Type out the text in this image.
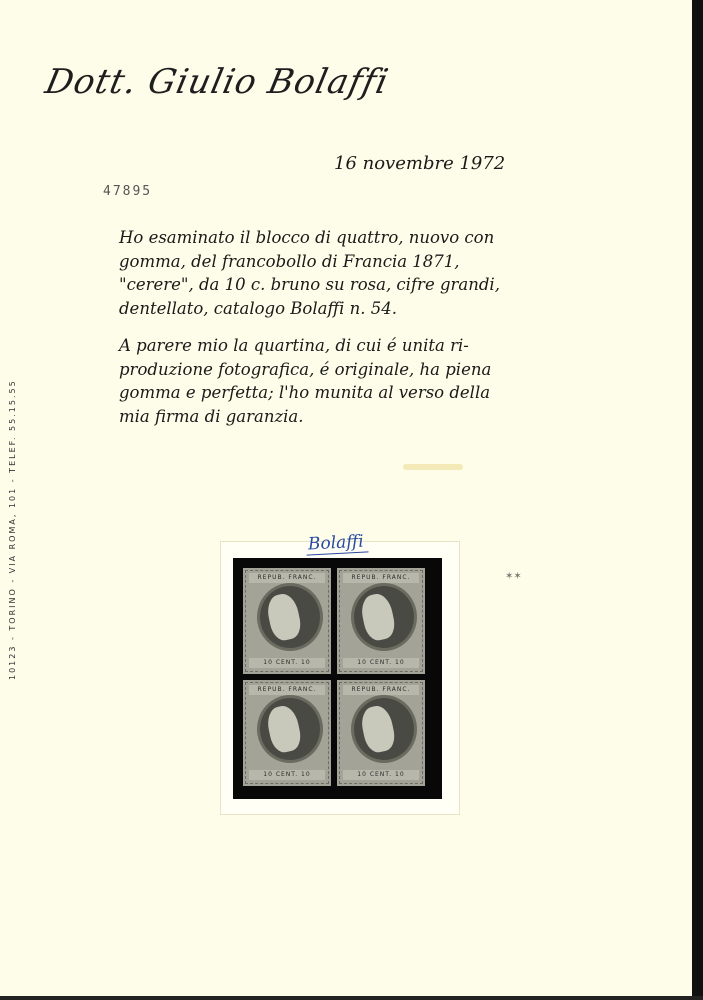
Dott. Giulio Bolaffi
16 novembre 1972
47895
Ho esaminato il blocco di quattro, nuovo con
gomma, del francobollo di Francia 1871,
"cerere", da 10 c. bruno su rosa, cifre grandi,
dentellato, catalogo Bolaffi n. 54.
A parere mio la quartina, di cui é unita ri-
produzione fotografica, é originale, ha piena
gomma e perfetta; l'ho munita al verso della
mia firma di garanzia.
10123 - TORINO - VIA ROMA, 101 - TELEF. 55.15.55	REPUB. FRANC.
10 CENT. 10
REPUB. FRANC.
10 CENT. 10
REPUB. FRANC.
10 CENT. 10
REPUB. FRANC.
10 CENT. 10
Bolaffi
✶✶
